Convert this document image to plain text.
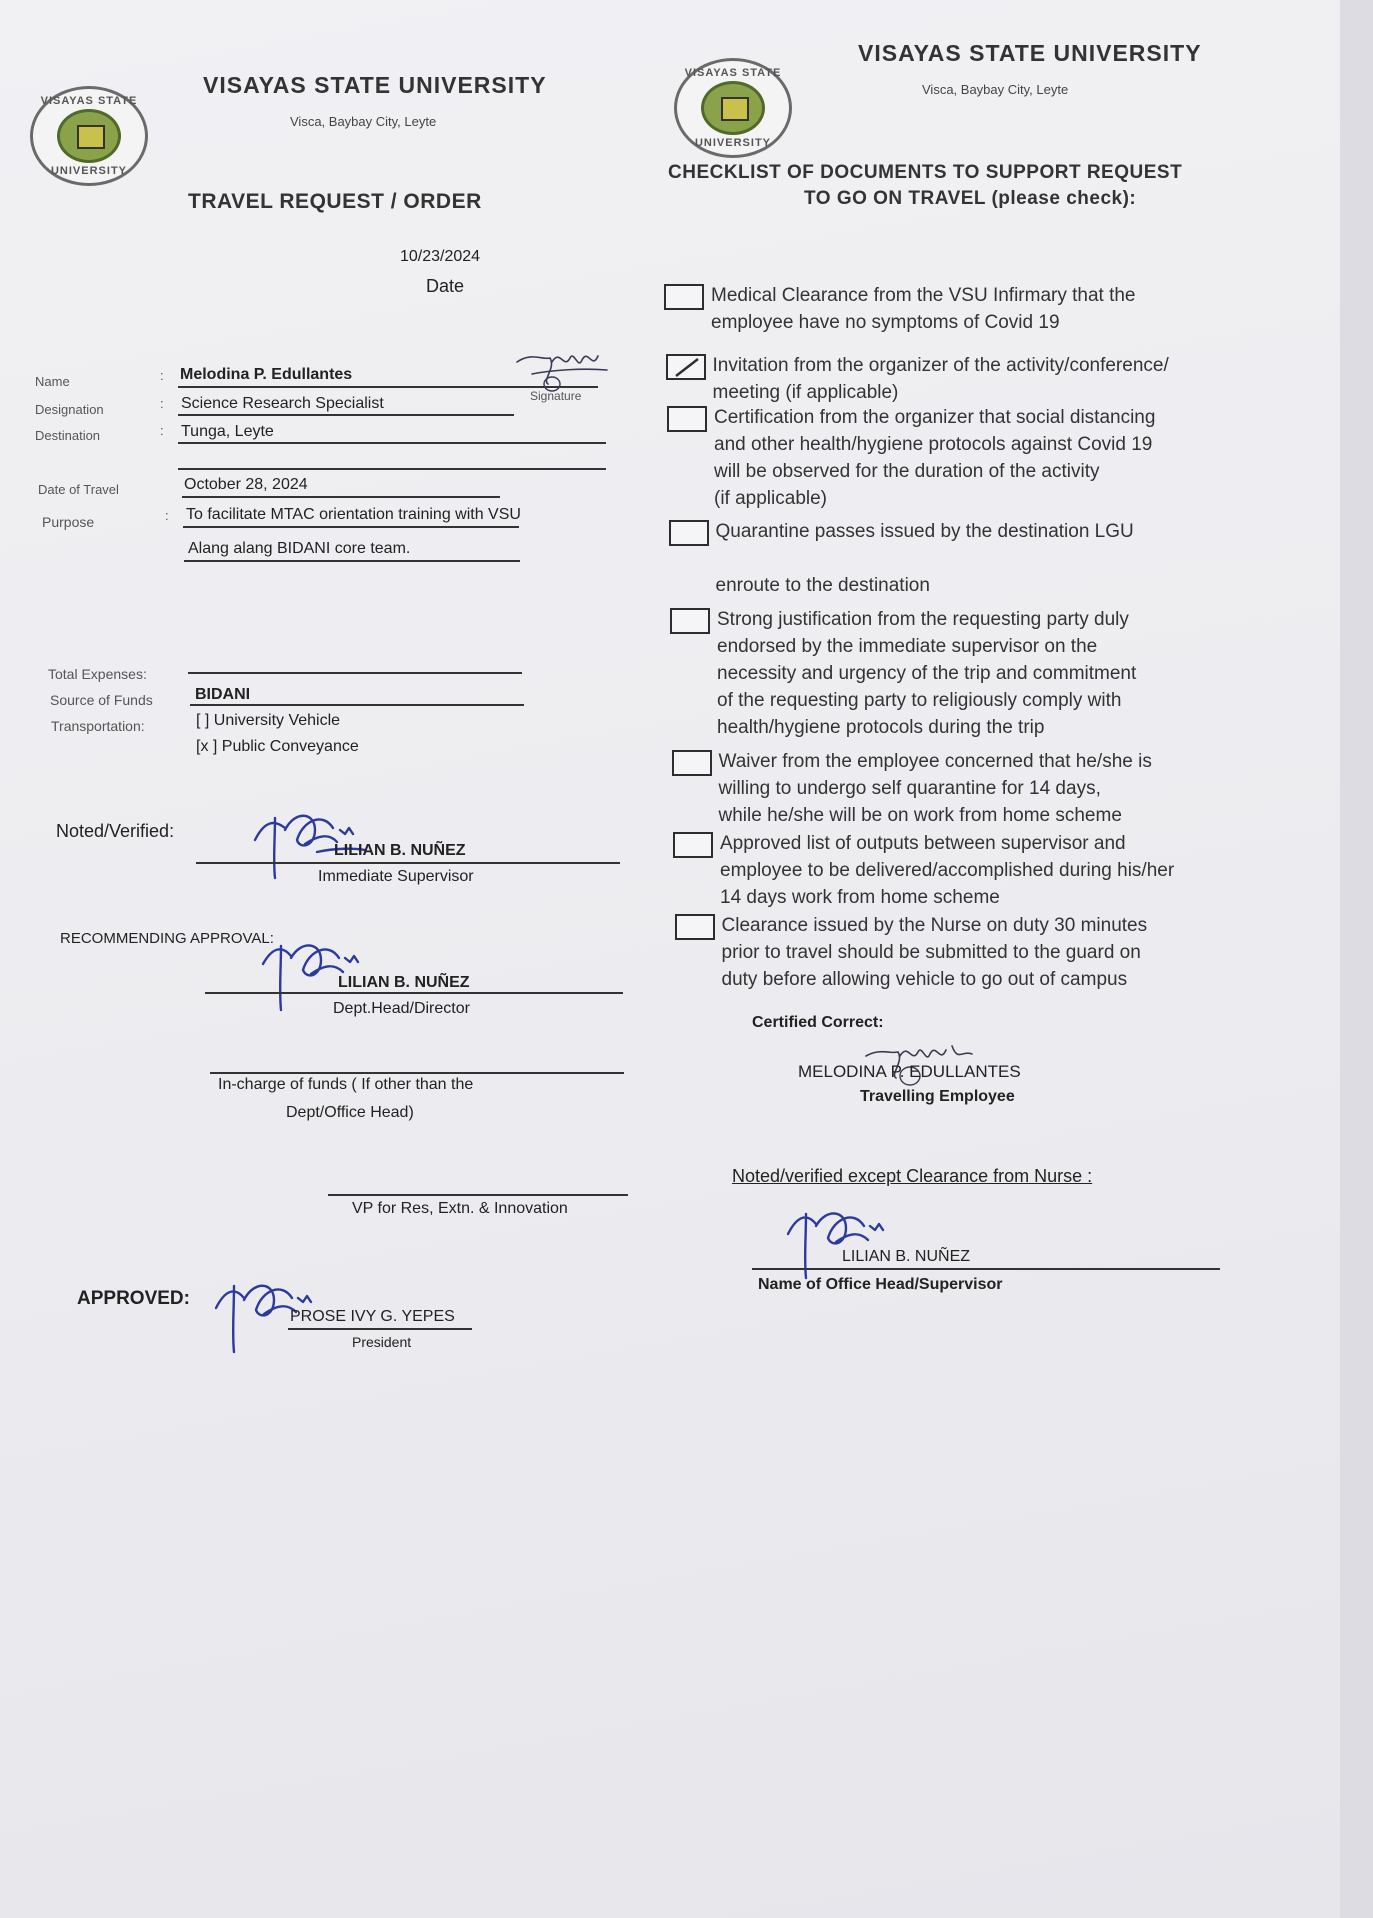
VISAYAS STATE
UNIVERSITY
VISAYAS STATE UNIVERSITY
Visca, Baybay City, Leyte
TRAVEL REQUEST / ORDER
10/23/2024
Date
Name	: Melodina P. Edullantes
Signature
Designation	: Science Research Specialist
Destination	: Tunga, Leyte
Date of Travel	October 28, 2024
Purpose	: To facilitate MTAC orientation training with VSU
Alang alang BIDANI core team.
Total Expenses:
Source of Funds	BIDANI
Transportation:	[ ] University Vehicle
[x ] Public Conveyance
Noted/Verified:
LILIAN B. NUÑEZ
Immediate Supervisor
RECOMMENDING APPROVAL:
LILIAN B. NUÑEZ
Dept.Head/Director
In-charge of funds ( If other than the
Dept/Office Head)
VP for Res, Extn. & Innovation
APPROVED:
PROSE IVY G. YEPES
President
VISAYAS STATE
UNIVERSITY
VISAYAS STATE UNIVERSITY
Visca, Baybay City, Leyte
CHECKLIST OF DOCUMENTS TO SUPPORT REQUEST
TO GO ON TRAVEL (please check):
Medical Clearance from the VSU Infirmary that the
employee have no symptoms of Covid 19
Invitation from the organizer of the activity/conference/
meeting (if applicable)
Certification from the organizer that social distancing
and other health/hygiene protocols against Covid 19
will be observed for the duration of the activity
(if applicable)
Quarantine passes issued by the destination LGU
enroute to the destination
Strong justification from the requesting party duly
endorsed by the immediate supervisor on the
necessity and urgency of the trip and commitment
of the requesting party to religiously comply with
health/hygiene protocols during the trip
Waiver from the employee concerned that he/she is
willing to undergo self quarantine for 14 days,
while he/she will be on work from home scheme
Approved list of outputs between supervisor and
employee to be delivered/accomplished during his/her
14 days work from home scheme
Clearance issued by the Nurse on duty 30 minutes
prior to travel should be submitted to the guard on
duty before allowing vehicle to go out of campus
Certified Correct:
MELODINA P. EDULLANTES
Travelling Employee
Noted/verified except Clearance from Nurse :
LILIAN B. NUÑEZ
Name of Office Head/Supervisor
